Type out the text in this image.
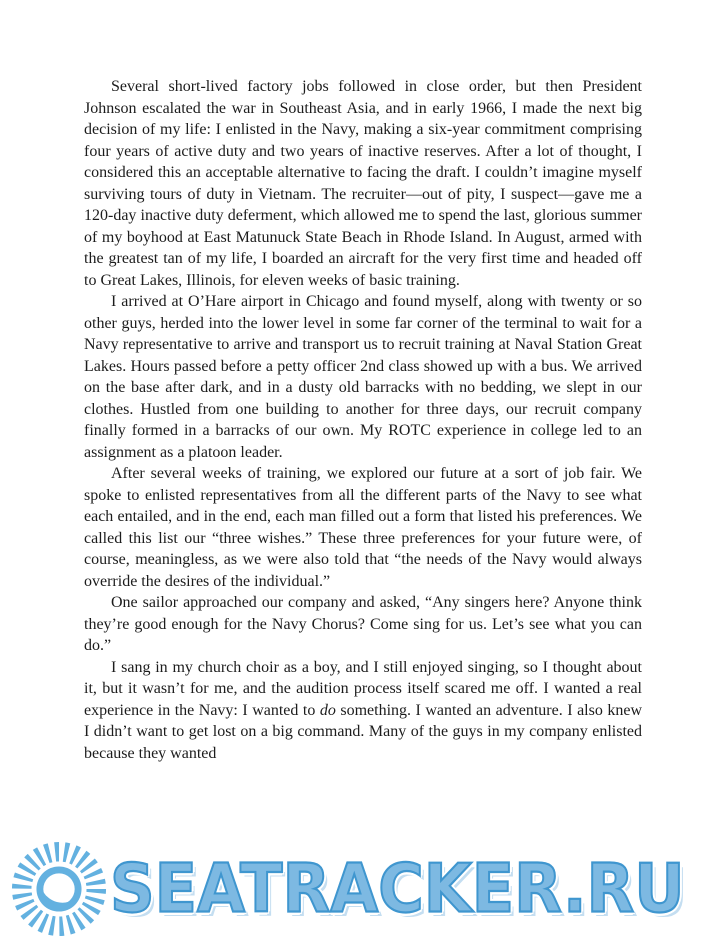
Several short-lived factory jobs followed in close order, but then President Johnson escalated the war in Southeast Asia, and in early 1966, I made the next big decision of my life: I enlisted in the Navy, making a six-year commitment comprising four years of active duty and two years of inactive reserves. After a lot of thought, I considered this an acceptable alternative to facing the draft. I couldn’t imagine myself surviving tours of duty in Vietnam. The recruiter—out of pity, I suspect—gave me a 120-day inactive duty deferment, which allowed me to spend the last, glorious summer of my boyhood at East Matunuck State Beach in Rhode Island. In August, armed with the greatest tan of my life, I boarded an aircraft for the very first time and headed off to Great Lakes, Illinois, for eleven weeks of basic training.

I arrived at O’Hare airport in Chicago and found myself, along with twenty or so other guys, herded into the lower level in some far corner of the terminal to wait for a Navy representative to arrive and transport us to recruit training at Naval Station Great Lakes. Hours passed before a petty officer 2nd class showed up with a bus. We arrived on the base after dark, and in a dusty old barracks with no bedding, we slept in our clothes. Hustled from one building to another for three days, our recruit company finally formed in a barracks of our own. My ROTC experience in college led to an assignment as a platoon leader.

After several weeks of training, we explored our future at a sort of job fair. We spoke to enlisted representatives from all the different parts of the Navy to see what each entailed, and in the end, each man filled out a form that listed his preferences. We called this list our “three wishes.” These three preferences for your future were, of course, meaningless, as we were also told that “the needs of the Navy would always override the desires of the individual.”

One sailor approached our company and asked, “Any singers here? Anyone think they’re good enough for the Navy Chorus? Come sing for us. Let’s see what you can do.”

I sang in my church choir as a boy, and I still enjoyed singing, so I thought about it, but it wasn’t for me, and the audition process itself scared me off. I wanted a real experience in the Navy: I wanted to do something. I wanted an adventure. I also knew I didn’t want to get lost on a big command. Many of the guys in my company enlisted because they wanted

SEATRACKER.RU
